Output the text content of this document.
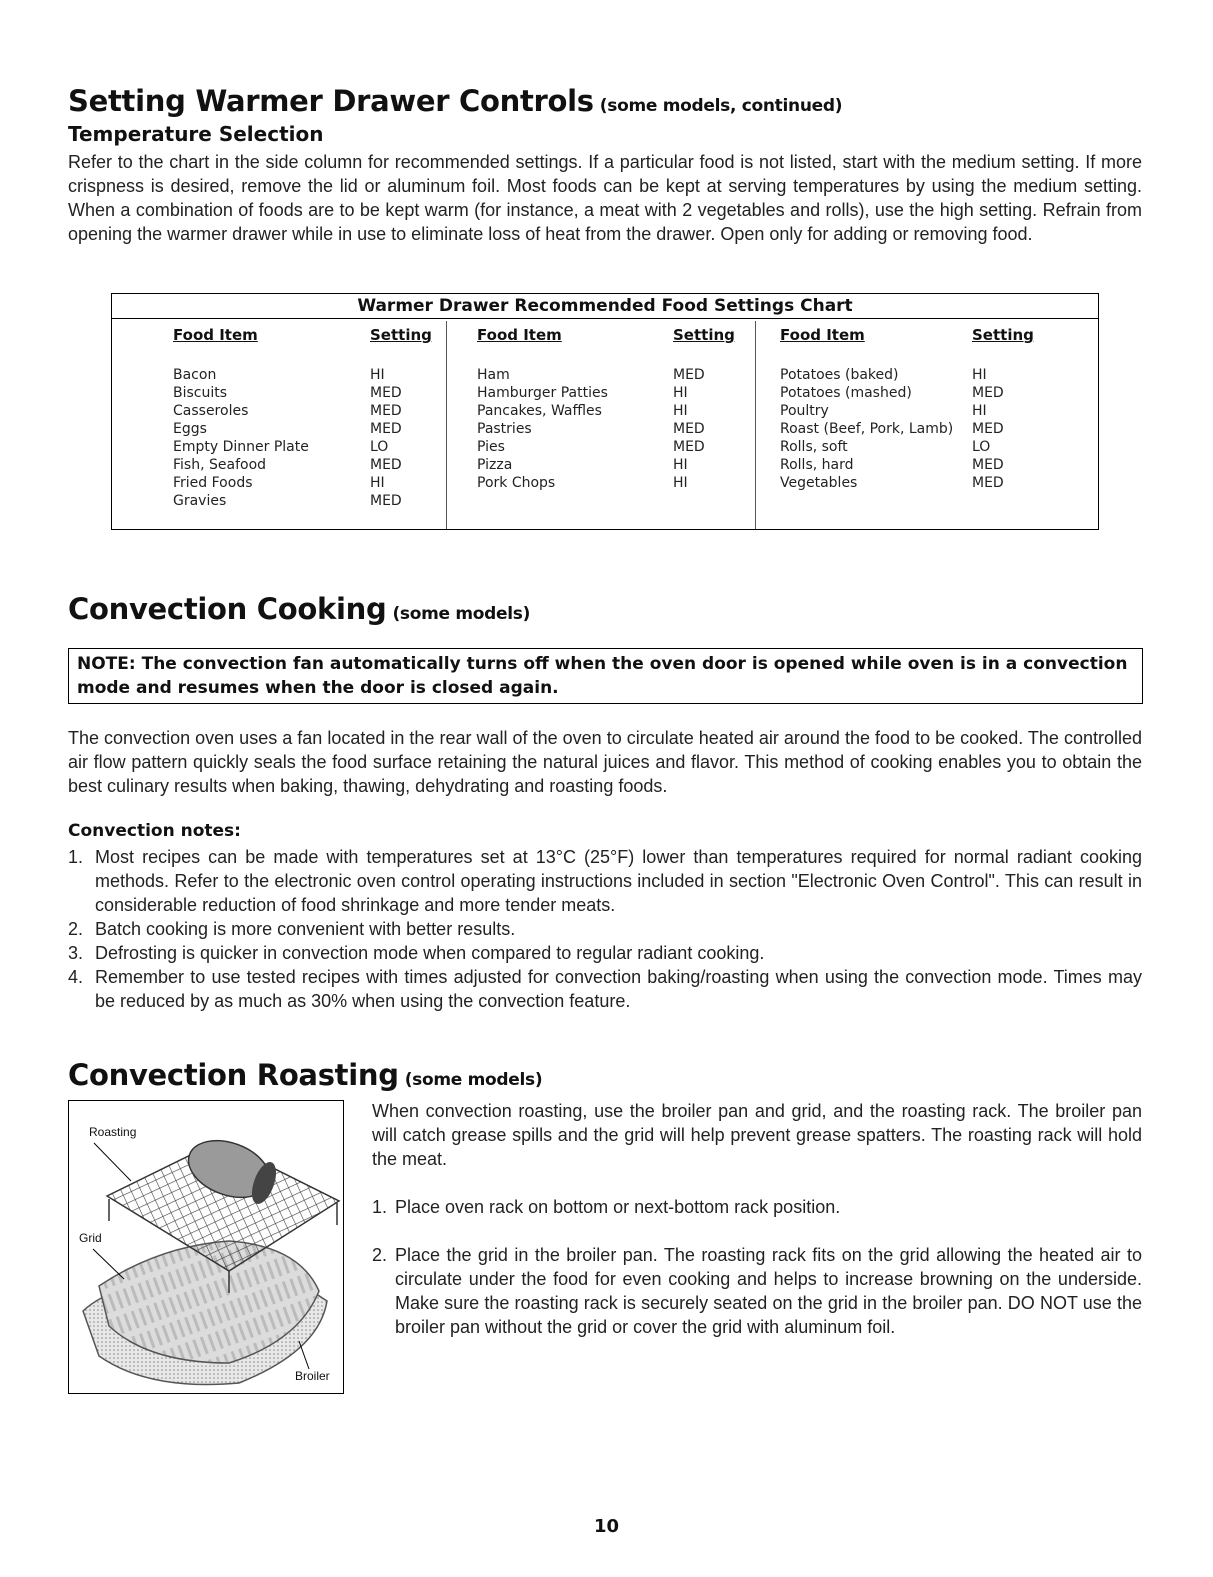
Setting Warmer Drawer Controls (some models, continued)
Temperature Selection
Refer to the chart in the side column for recommended settings. If a particular food is not listed, start with the medium setting. If more crispness is desired, remove the lid or aluminum foil. Most foods can be kept at serving temperatures by using the medium setting. When a combination of foods are to be kept warm (for instance, a meat with 2 vegetables and rolls), use the high setting. Refrain from opening the warmer drawer while in use to eliminate loss of heat from the drawer. Open only for adding or removing food.
Warmer Drawer Recommended Food Settings Chart
Food Item	Setting
Bacon	HI
Biscuits	MED
Casseroles	MED
Eggs	MED
Empty Dinner Plate	LO
Fish, Seafood	MED
Fried Foods	HI
Gravies	MED
Food Item	Setting
Ham	MED
Hamburger Patties	HI
Pancakes, Waffles	HI
Pastries	MED
Pies	MED
Pizza	HI
Pork Chops	HI
Food Item	Setting
Potatoes (baked)	HI
Potatoes (mashed)	MED
Poultry	HI
Roast (Beef, Pork, Lamb) MED
Rolls, soft	LO
Rolls, hard	MED
Vegetables	MED
Convection Cooking (some models)
NOTE: The convection fan automatically turns off when the oven door is opened while oven is in a convection mode and resumes when the door is closed again.
The convection oven uses a fan located in the rear wall of the oven to circulate heated air around the food to be cooked. The controlled air flow pattern quickly seals the food surface retaining the natural juices and flavor. This method of cooking enables you to obtain the best culinary results when baking, thawing, dehydrating and roasting foods.
Convection notes:
1. Most recipes can be made with temperatures set at 13°C (25°F) lower than temperatures required for normal radiant cooking methods. Refer to the electronic oven control operating instructions included in section "Electronic Oven Control". This can result in considerable reduction of food shrinkage and more tender meats.
2. Batch cooking is more convenient with better results.
3. Defrosting is quicker in convection mode when compared to regular radiant cooking.
4. Remember to use tested recipes with times adjusted for convection baking/roasting when using the convection mode. Times may be reduced by as much as 30% when using the convection feature.
Convection Roasting (some models)
Roasting
Grid
Broiler

When convection roasting, use the broiler pan and grid, and the roasting rack. The broiler pan will catch grease spills and the grid will help prevent grease spatters. The roasting rack will hold the meat.

1. Place oven rack on bottom or next-bottom rack position.

2. Place the grid in the broiler pan. The roasting rack fits on the grid allowing the heated air to circulate under the food for even cooking and helps to increase browning on the underside. Make sure the roasting rack is securely seated on the grid in the broiler pan. DO NOT use the broiler pan without the grid or cover the grid with aluminum foil.

10
